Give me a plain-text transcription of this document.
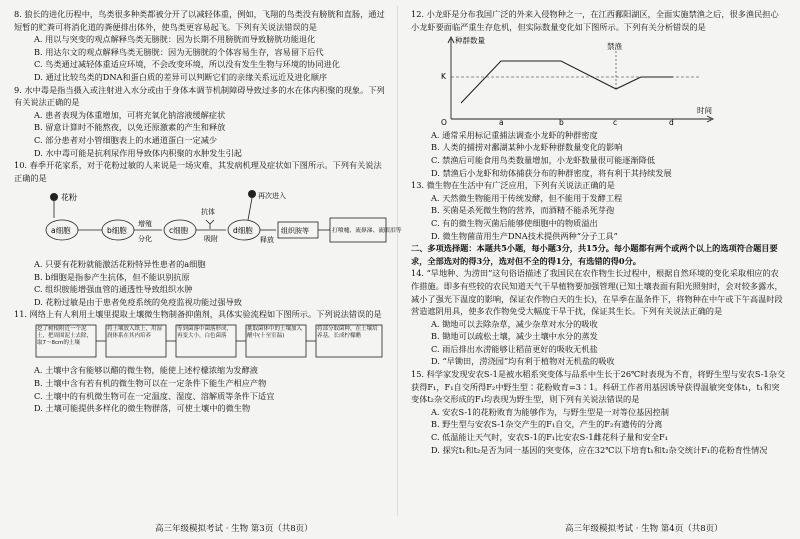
8. 狼长的进化历程中，鸟类很多种类都被分开了以减轻体重，例如，飞翔的鸟类没有膀胱和直肠，通过短暂的贮粪可将消化道的粪便排出体外，使鸟类更容易起飞。下列有关说法错误的是
A. 用以与突变的观点解释鸟类无膀胱：因为长期不用膀胱而导致膀胱功能退化
B. 用达尔文的观点解释鸟类无膀胱：因为无膀胱的个体容易生存，容易留下后代
C. 鸟类通过减轻体重适应环境，不会改变环境，所以没有发生生物与环境的协同进化
D. 通过比较鸟类的DNA和蛋白质的差异可以判断它们的亲缘关系远近及进化顺序
9. 水中毒是指当摄入或注射进入水分或由于身体本调节机制障碍导致过多的水在体内积聚的现象。下列有关说法正确的是
A. 患者表现为体重增加，可将充氧化钠溶液缓解症状
B. 留意计算时不能熬夜，以免还原激素的产生和释放
C. 部分患者对小管细胞表上的水通道蛋白一定减少
D. 水中毒可能是抗利尿作用导致体内积聚的水肿发生引起
10. 春季开花家系，对于花粉过敏的人来说是一场灾难，其发病机理及症状如下图所示。下列有关说法正确的是
花粉
a细胞	b细胞
增殖
分化
c细胞
抗体
吸附
d细胞
再次进入
释放
组织胺等	打喷嚏、流鼻涕、流眼泪等
A. 只要有花粉就能激活花粉特异性患者的a细胞
B. b细胞是指参产生抗体，但不能识别抗原
C. 组织胺能增强血管的通透性导致组织水肿
D. 花粉过敏是由于患者免疫系统的免疫监视功能过强导致
11. 网络上有人利用土壤里提取土壤微生物制备抑菌剂，具体实验流程如下图所示。下列说法错误的是
挖了树根附近一个泥土，把周围泥土去除，取7～8cm的土壤
将土壤放入纸上，用湿润体系在其内培养
等到菌落中菌落形成，再变大小，白色菌落
挑取菌体中的土壤加入醋中(十至室温)
将部分取菌种，在土壤培养基，长成柠檬醋
A. 土壤中含有能够以醋的微生物，能使上述柠檬浓缩为发酵液
B. 土壤中含有若有机的微生物可以在一定条件下能生产相应产物
C. 土壤中的有机微生物可在一定温度、湿度、溶解质等条件下适宜
D. 土壤可能提供多样化的微生物群落，可使土壤中的微生物
12. 小龙虾是分布我国广泛的外来入侵物种之一，在江西鄱阳湖区，全面实施禁渔之后，很多渔民担心小龙虾要面临严重生存危机，但实际数量变化如下图所示。下列有关分析错误的是
O
种群数量
时间
K
禁渔
a	b	c	d
A. 通常采用标记重捕法调查小龙虾的种群密度
B. 人类的捕捞对鄱湖某种小龙虾种群数量变化的影响
C. 禁渔后可能食用鸟类数量增加，小龙虾数量很可能逐渐降低
D. 禁渔后小龙虾和幼体捕获分布的种群密度，将有利于其持续发展
13. 微生物在生活中有广泛应用，下列有关说法正确的是
A. 天然微生物能用于传统发酵，但不能用于发酵工程
B. 买菌是杀死微生物的营养，而酒精不能杀死芽孢
C. 有的微生物灭菌后能够使细胞中的物质溢出
D. 微生物菌苗用生产DNA技术提供两种“分子工具”
二、多项选择题：本题共5小题，每小题3分，共15分。每小题都有两个或两个以上的选项符合题目要求，全部选对的得3分，选对但不全的得1分，有选错的得0分。
14. “旱地种、为涝田”这句俗语描述了我国民在农作物生长过程中，根据自然环境的变化采取相应的农作措施。即多有些较的农民知道天气干旱植物要加强管理(已知土壤表面有阳光照射时，会对较多露水，减小了强光下温度的影响，保证农作物白天的生长)，在旱季在温条件下，将物种在中午或下午高温时段营造遮阴用具，使多农作物免受大幅度干旱干扰，保证其生长。下列有关说法正确的是
A. 锄地可以去除杂草，减少杂草对水分的吸收
B. 锄地可以疏松土壤，减少土壤中水分的蒸发
C. 雨后排出水涝能够让稻苗更好的吸收无机盐
D. “早锄田，涝浇园”均有利于植物对无机盐的吸收
15. 科学家发现安农S-1是被水稻系突变体与品系中生长于26℃时表现为不育，将野生型与安农S-1杂交获得F₁，F₁自交所得F₂中野生型∶花粉败育=3∶1。科研工作者用基因诱导获得温敏突变体t₁，t₁和突变体t₂杂交形成的F₁均表现为野生型，则下列有关说法错误的是
A. 安农S-1的花粉败育为能够作为，与野生型是一对等位基因控制
B. 野生型与安农S-1杂交产生的F₁自交，产生的F₂有遗传的分离
C. 低温能让天气时，安农S-1的F₁比安农S-1雌花科子量和安全F₁
D. 探究t₁和t₂是否为同一基因的突变体，应在32℃以下培育t₁和t₂杂交统计F₁的花粉育性情况
高三年级模拟考试 · 生物 第3页（共8页）	高三年级模拟考试 · 生物 第4页（共8页）
